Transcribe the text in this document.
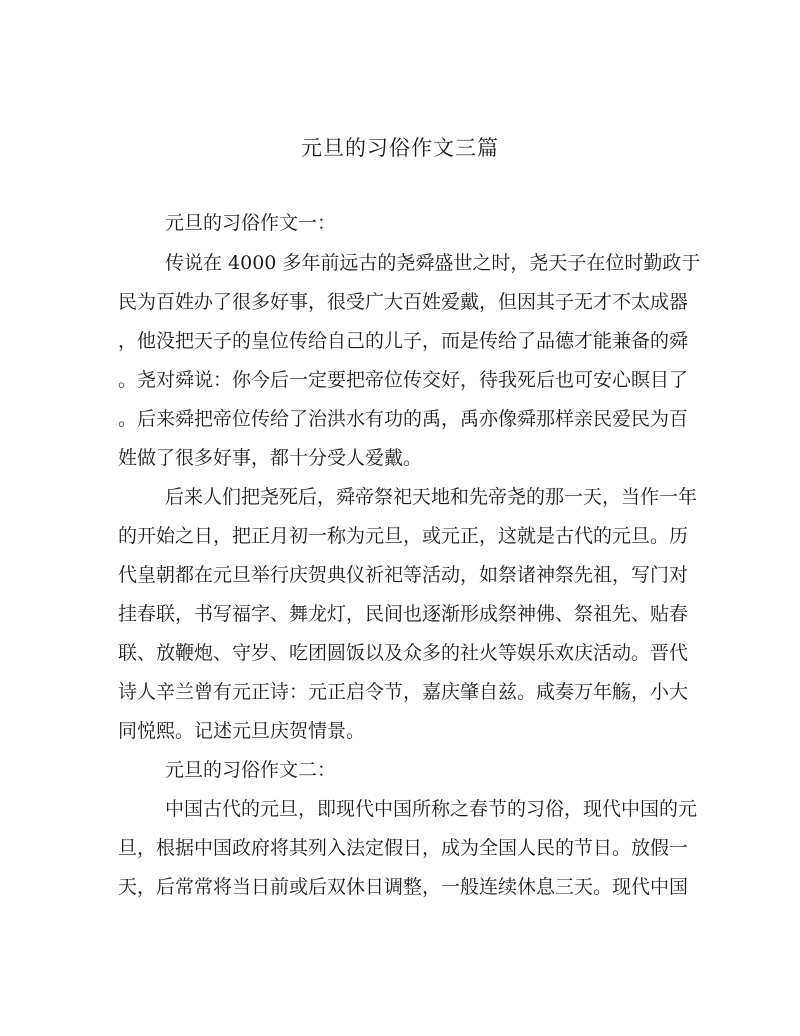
元旦的习俗作文三篇
元旦的习俗作文一：
传说在 4000 多年前远古的尧舜盛世之时，尧天子在位时勤政于
民为百姓办了很多好事，很受广大百姓爱戴，但因其子无才不太成器
，他没把天子的皇位传给自己的儿子，而是传给了品德才能兼备的舜
。尧对舜说：你今后一定要把帝位传交好，待我死后也可安心瞑目了
。后来舜把帝位传给了治洪水有功的禹，禹亦像舜那样亲民爱民为百
姓做了很多好事，都十分受人爱戴。
后来人们把尧死后，舜帝祭祀天地和先帝尧的那一天，当作一年
的开始之日，把正月初一称为元旦，或元正，这就是古代的元旦。历
代皇朝都在元旦举行庆贺典仪祈祀等活动，如祭诸神祭先祖，写门对
挂春联，书写福字、舞龙灯，民间也逐渐形成祭神佛、祭祖先、贴春
联、放鞭炮、守岁、吃团圆饭以及众多的社火等娱乐欢庆活动。晋代
诗人辛兰曾有元正诗：元正启令节，嘉庆肇自兹。咸奏万年觞，小大
同悦熙。记述元旦庆贺情景。
元旦的习俗作文二：
中国古代的元旦，即现代中国所称之春节的习俗，现代中国的元
旦，根据中国政府将其列入法定假日，成为全国人民的节日。放假一
天，后常常将当日前或后双休日调整，一般连续休息三天。现代中国
